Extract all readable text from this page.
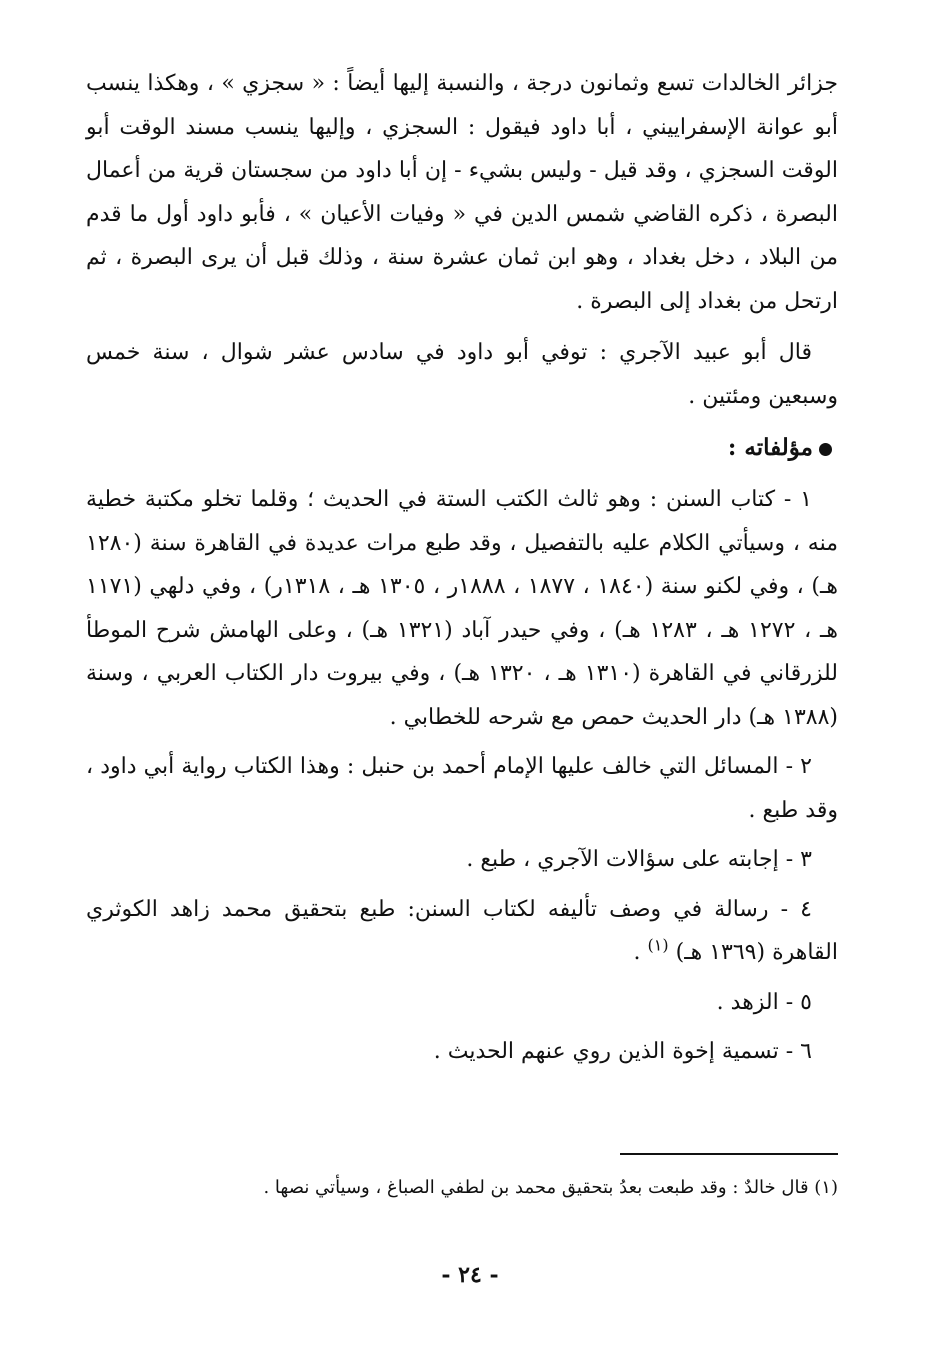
جزائر الخالدات تسع وثمانون درجة ، والنسبة إليها أيضاً : « سجزي » ، وهكذا ينسب أبو عوانة الإسفراييني ، أبا داود فيقول : السجزي ، وإليها ينسب مسند الوقت أبو الوقت السجزي ، وقد قيل - وليس بشيء - إن أبا داود من سجستان قرية من أعمال البصرة ، ذكره القاضي شمس الدين في « وفيات الأعيان » ، فأبو داود أول ما قدم من البلاد ، دخل بغداد ، وهو ابن ثمان عشرة سنة ، وذلك قبل أن يرى البصرة ، ثم ارتحل من بغداد إلى البصرة .

قال أبو عبيد الآجري : توفي أبو داود في سادس عشر شوال ، سنة خمس وسبعين ومئتين .

مؤلفاته :

١ - كتاب السنن : وهو ثالث الكتب الستة في الحديث ؛ وقلما تخلو مكتبة خطية منه ، وسيأتي الكلام عليه بالتفصيل ، وقد طبع مرات عديدة في القاهرة سنة (١٢٨٠ هـ) ، وفي لكنو سنة (١٨٤٠ ، ١٨٧٧ ، ١٨٨٨ر ، ١٣٠٥ هـ ، ١٣١٨ر) ، وفي دلهي (١١٧١ هـ ، ١٢٧٢ هـ ، ١٢٨٣ هـ) ، وفي حيدر آباد (١٣٢١ هـ) ، وعلى الهامش شرح الموطأ للزرقاني في القاهرة (١٣١٠ هـ ، ١٣٢٠ هـ) ، وفي بيروت دار الكتاب العربي ، وسنة (١٣٨٨ هـ) دار الحديث حمص مع شرحه للخطابي .

٢ - المسائل التي خالف عليها الإمام أحمد بن حنبل : وهذا الكتاب رواية أبي داود ، وقد طبع .

٣ - إجابته على سؤالات الآجري ، طبع .

٤ - رسالة في وصف تأليفه لكتاب السنن: طبع بتحقيق محمد زاهد الكوثري القاهرة (١٣٦٩ هـ) $^{(١)}$ .

٥ - الزهد .

٦ - تسمية إخوة الذين روي عنهم الحديث .

(١) قال خالدٌ : وقد طبعت بعدُ بتحقيق محمد بن لطفي الصباغ ، وسيأتي نصها .
- ٢٤ -
